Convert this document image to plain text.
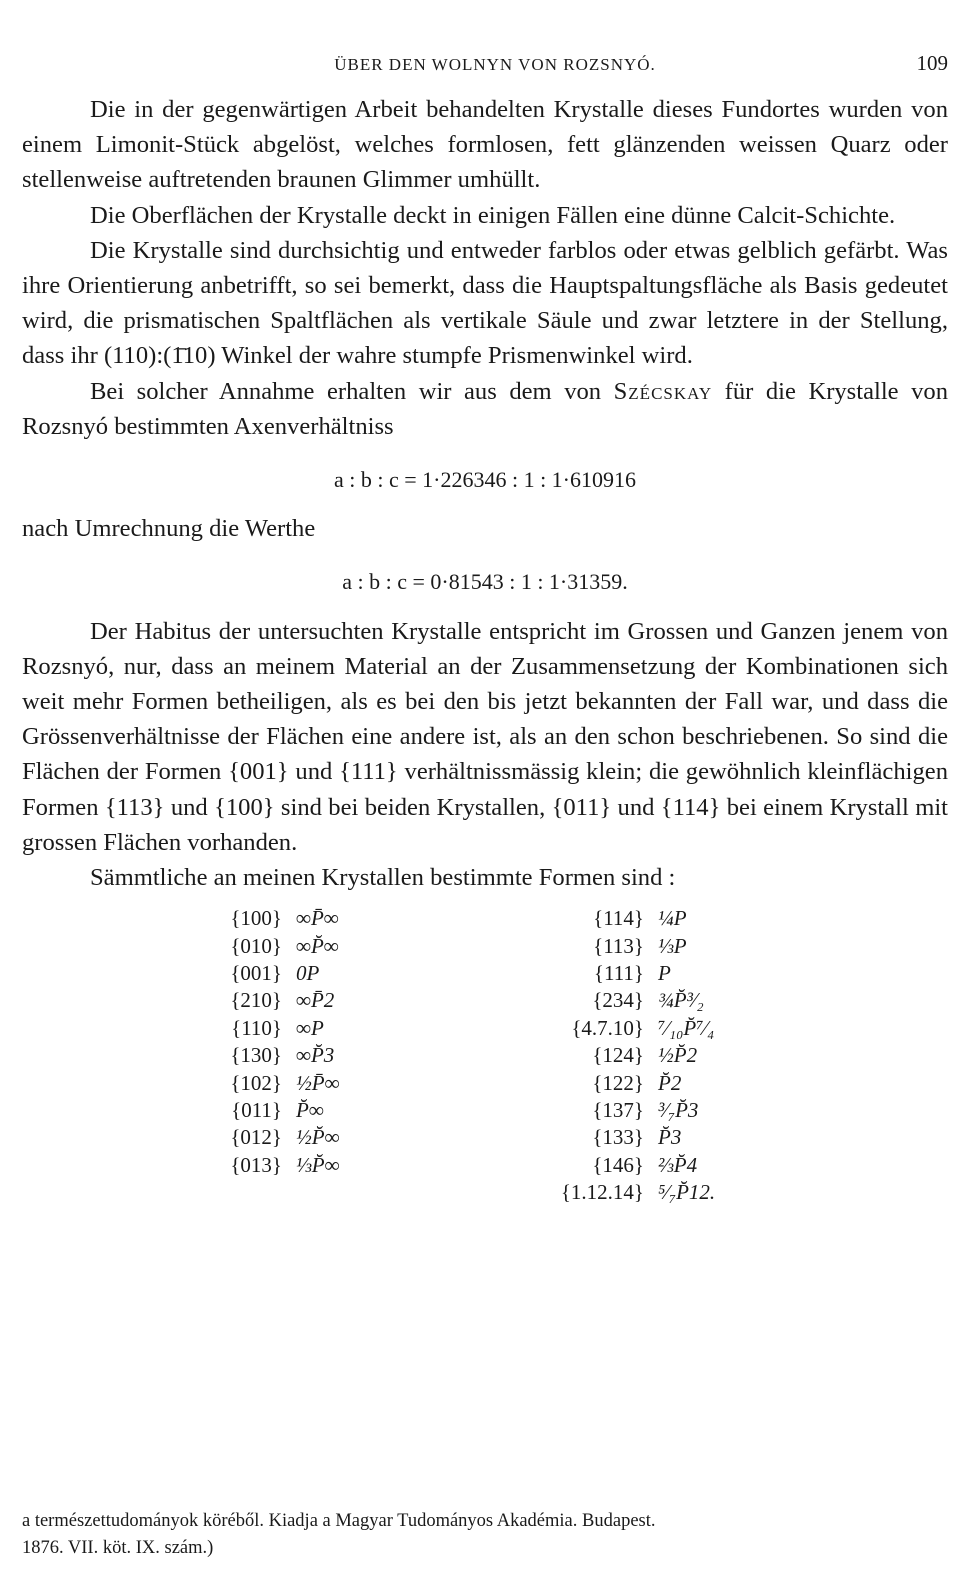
ÜBER DEN WOLNYN VON ROZSNYÓ.	109

Die in der gegenwärtigen Arbeit behandelten Krystalle dieses Fundortes wurden von einem Limonit-Stück abgelöst, welches formlosen, fett glänzenden weissen Quarz oder stellenweise auftretenden braunen Glimmer umhüllt.

Die Oberflächen der Krystalle deckt in einigen Fällen eine dünne Calcit-Schichte.

Die Krystalle sind durchsichtig und entweder farblos oder etwas gelblich gefärbt. Was ihre Orientierung anbetrifft, so sei bemerkt, dass die Hauptspaltungsfläche als Basis gedeutet wird, die prismatischen Spaltflächen als vertikale Säule und zwar letztere in der Stellung, dass ihr (110):(1̄10) Winkel der wahre stumpfe Prismenwinkel wird.

Bei solcher Annahme erhalten wir aus dem von Szécskay für die Krystalle von Rozsnyó bestimmten Axenverhältniss

a : b : c = 1·226346 : 1 : 1·610916

nach Umrechnung die Werthe

a : b : c = 0·81543 : 1 : 1·31359.

Der Habitus der untersuchten Krystalle entspricht im Grossen und Ganzen jenem von Rozsnyó, nur, dass an meinem Material an der Zusammensetzung der Kombinationen sich weit mehr Formen betheiligen, als es bei den bis jetzt bekannten der Fall war, und dass die Grössenverhältnisse der Flächen eine andere ist, als an den schon beschriebenen. So sind die Flächen der Formen {001} und {111} verhältnissmässig klein; die gewöhnlich kleinflächigen Formen {113} und {100} sind bei beiden Krystallen, {011} und {114} bei einem Krystall mit grossen Flächen vorhanden.

Sämmtliche an meinen Krystallen bestimmte Formen sind :

{100} ∞P̄∞
{010} ∞P̆∞
{001} 0P
{210} ∞P̄2
{110} ∞P
{130} ∞P̆3
{102} ½P̄∞
{011} P̆∞
{012} ½P̆∞
{013} ⅓P̆∞
{114} ¼P
{113} ⅓P
{111} P
{234} ¾P̆³⁄₂
{4.7.10} ⁷⁄₁₀P̆⁷⁄₄
{124} ½P̆2
{122} P̆2
{137} ³⁄₇P̆3
{133} P̆3
{146} ⅔P̆4
{1.12.14} ⁵⁄₇P̆12.
a természettudományok köréből. Kiadja a Magyar Tudományos Akadémia. Budapest.
1876. VII. köt. IX. szám.)
